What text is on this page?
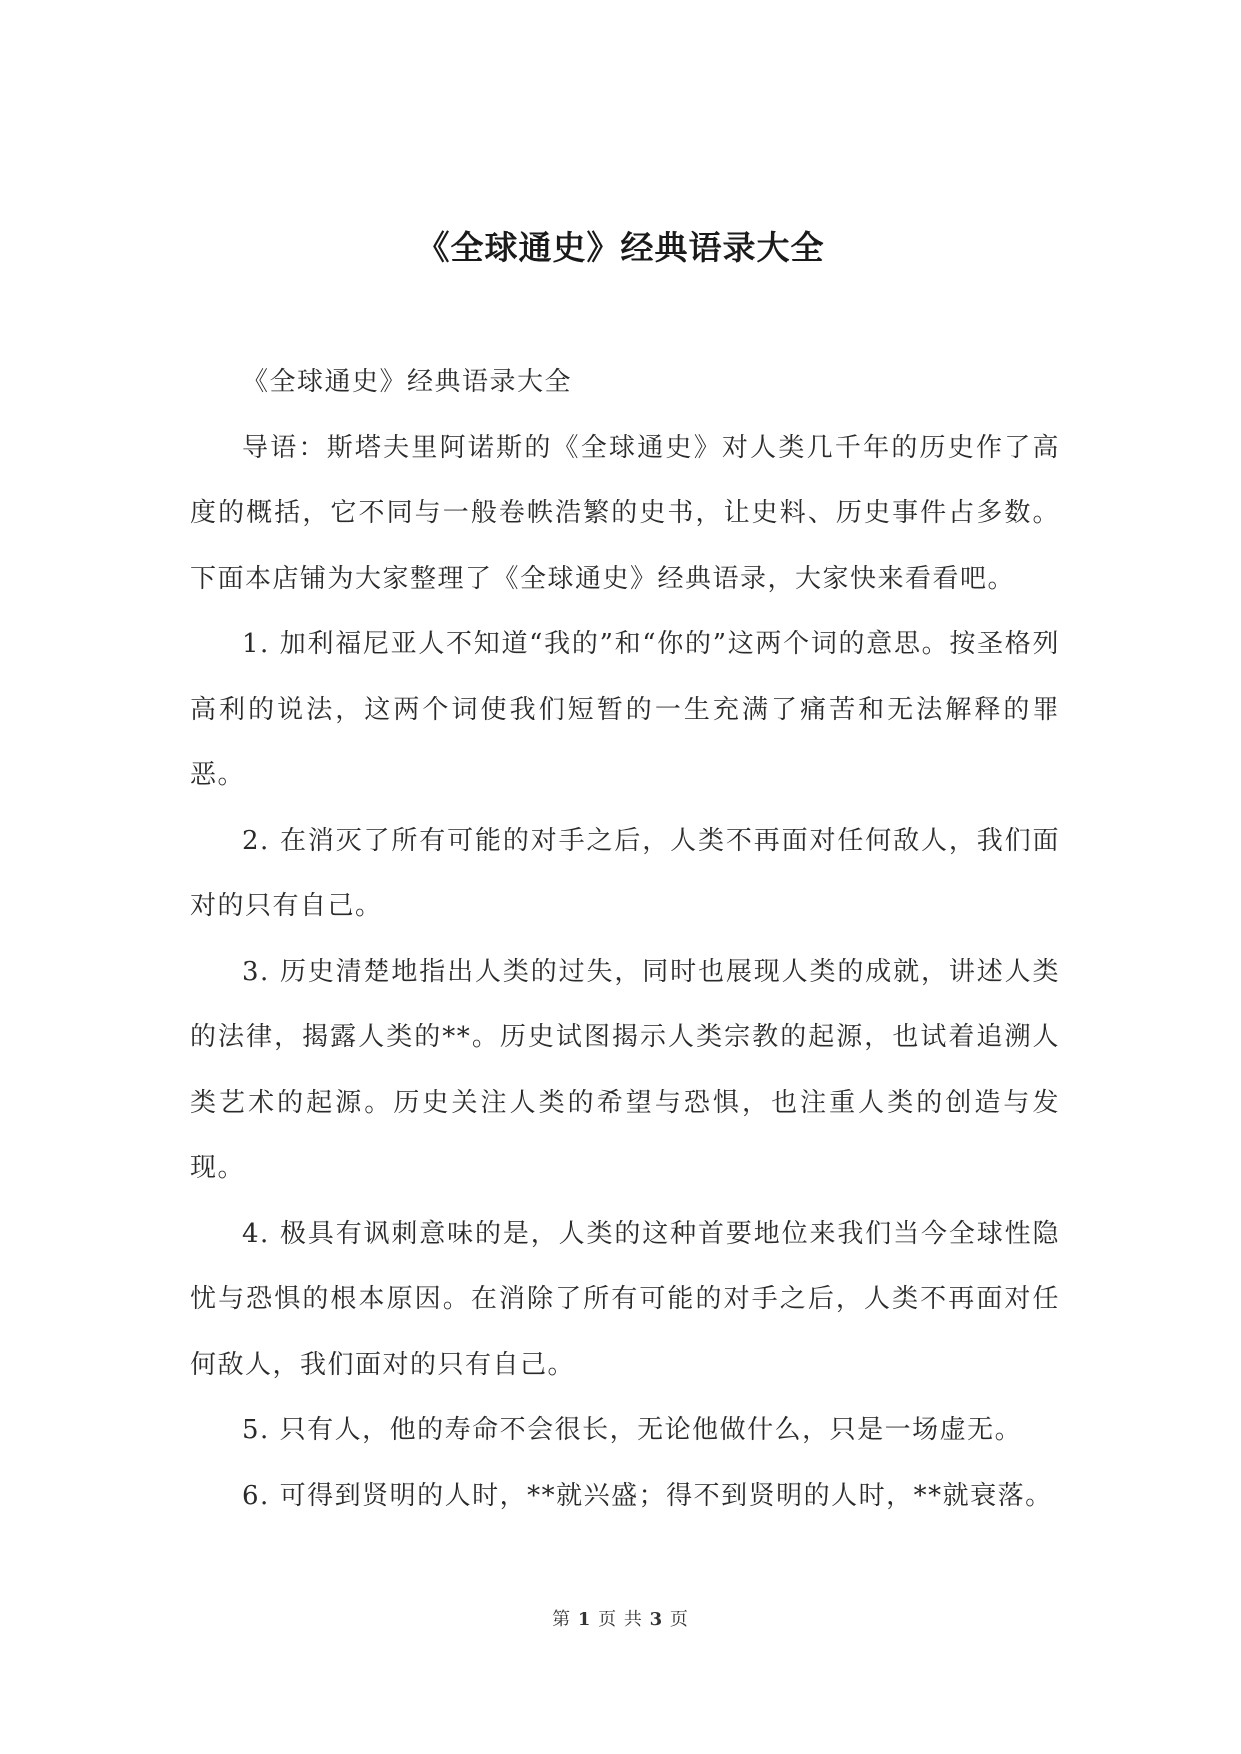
《全球通史》经典语录大全

《全球通史》经典语录大全

导语：斯塔夫里阿诺斯的《全球通史》对人类几千年的历史作了高度的概括，它不同与一般卷帙浩繁的史书，让史料、历史事件占多数。下面本店铺为大家整理了《全球通史》经典语录，大家快来看看吧。

1. 加利福尼亚人不知道“我的”和“你的”这两个词的意思。按圣格列高利的说法，这两个词使我们短暂的一生充满了痛苦和无法解释的罪恶。

2. 在消灭了所有可能的对手之后，人类不再面对任何敌人，我们面对的只有自己。

3. 历史清楚地指出人类的过失，同时也展现人类的成就，讲述人类的法律，揭露人类的**。历史试图揭示人类宗教的起源，也试着追溯人类艺术的起源。历史关注人类的希望与恐惧，也注重人类的创造与发现。

4. 极具有讽刺意味的是，人类的这种首要地位来我们当今全球性隐忧与恐惧的根本原因。在消除了所有可能的对手之后，人类不再面对任何敌人，我们面对的只有自己。

5. 只有人，他的寿命不会很长，无论他做什么，只是一场虚无。

6. 可得到贤明的人时，**就兴盛；得不到贤明的人时，**就衰落。

第 1 页 共 3 页
